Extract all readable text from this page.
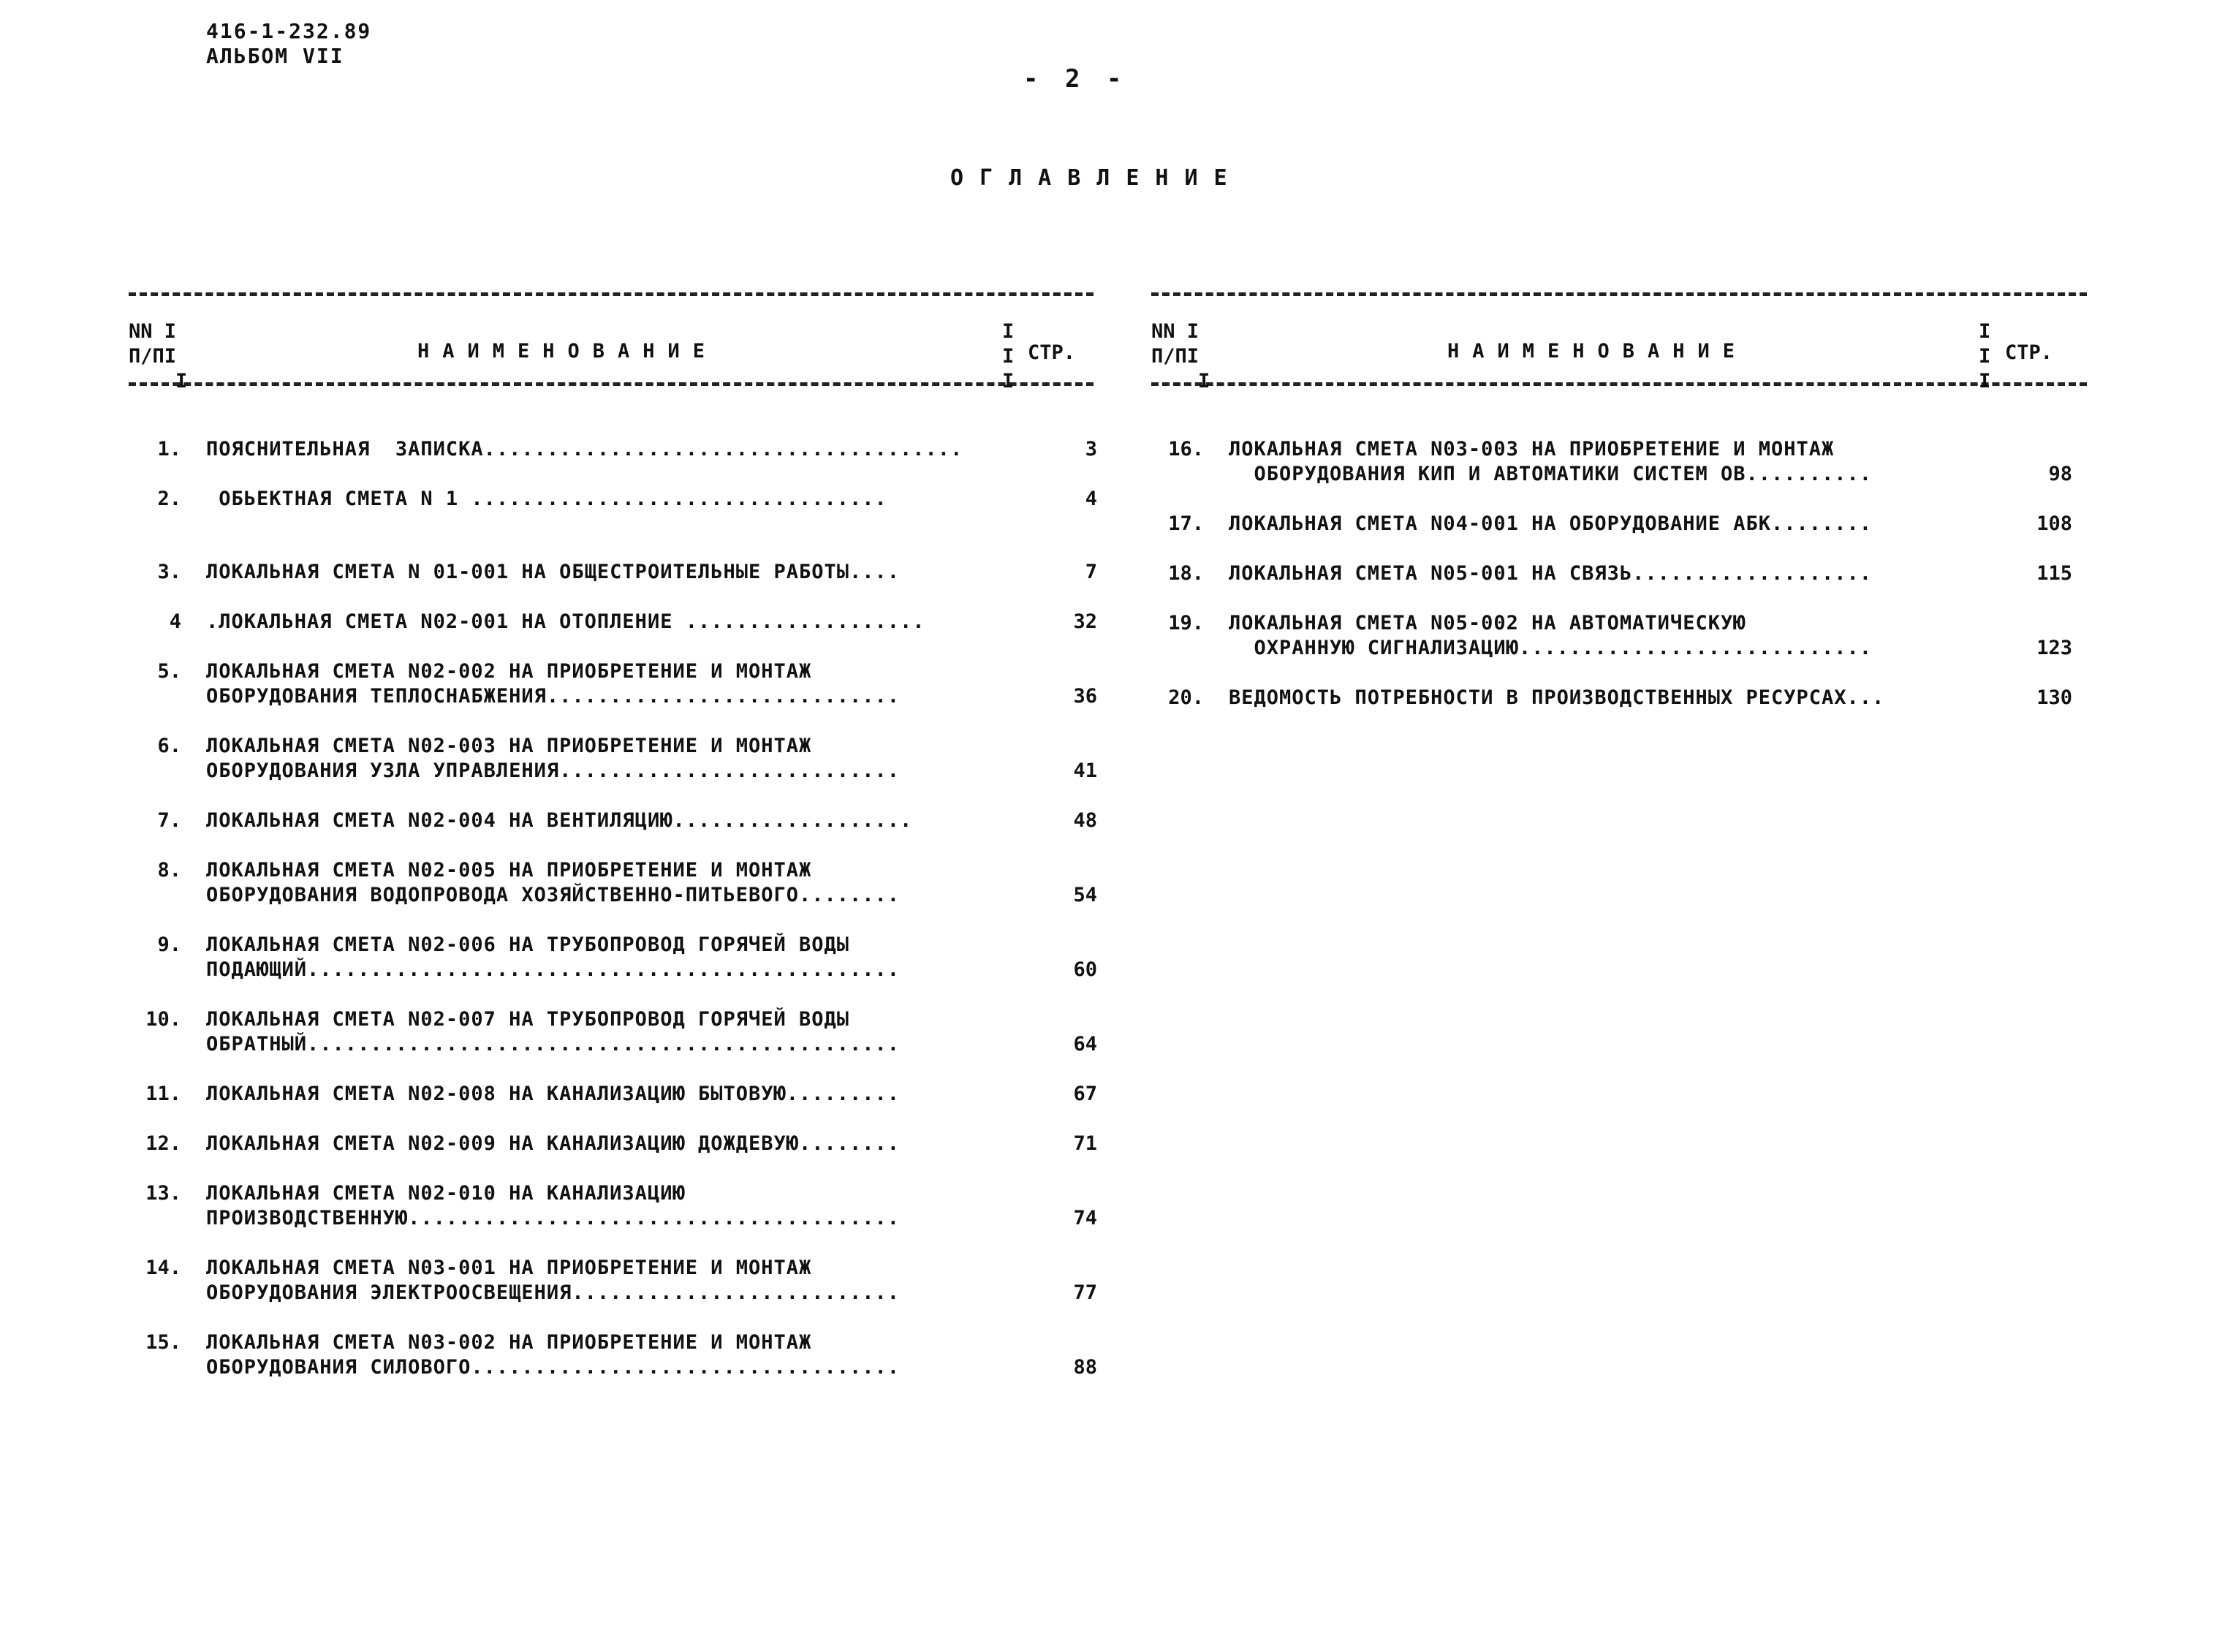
416-1-232.89
АЛЬБОМ VII
- 2 -
ОГЛАВЛЕНИЕ
NN I
П/ПI
I
НАИМЕНОВАНИЕ
I
I
I
СТР.
1. ПОЯСНИТЕЛЬНАЯ  ЗАПИСКА......................................	3
2. ОБЬЕКТНАЯ СМЕТА N 1 .................................	4
3. ЛОКАЛЬНАЯ СМЕТА N 01-001 НА ОБЩЕСТРОИТЕЛЬНЫЕ РАБОТЫ....	7
4 .ЛОКАЛЬНАЯ СМЕТА N02-001 НА ОТОПЛЕНИЕ ...................	32
5. ЛОКАЛЬНАЯ СМЕТА N02-002 НА ПРИОБРЕТЕНИЕ И МОНТАЖ
ОБОРУДОВАНИЯ ТЕПЛОСНАБЖЕНИЯ............................	36
6. ЛОКАЛЬНАЯ СМЕТА N02-003 НА ПРИОБРЕТЕНИЕ И МОНТАЖ
ОБОРУДОВАНИЯ УЗЛА УПРАВЛЕНИЯ...........................	41
7. ЛОКАЛЬНАЯ СМЕТА N02-004 НА ВЕНТИЛЯЦИЮ...................	48
8. ЛОКАЛЬНАЯ СМЕТА N02-005 НА ПРИОБРЕТЕНИЕ И МОНТАЖ
ОБОРУДОВАНИЯ ВОДОПРОВОДА ХОЗЯЙСТВЕННО-ПИТЬЕВОГО........	54
9. ЛОКАЛЬНАЯ СМЕТА N02-006 НА ТРУБОПРОВОД ГОРЯЧЕЙ ВОДЫ
ПОДАЮЩИЙ...............................................	60
10. ЛОКАЛЬНАЯ СМЕТА N02-007 НА ТРУБОПРОВОД ГОРЯЧЕЙ ВОДЫ
ОБРАТНЫЙ...............................................	64
11. ЛОКАЛЬНАЯ СМЕТА N02-008 НА КАНАЛИЗАЦИЮ БЫТОВУЮ.........	67
12. ЛОКАЛЬНАЯ СМЕТА N02-009 НА КАНАЛИЗАЦИЮ ДОЖДЕВУЮ........	71
13. ЛОКАЛЬНАЯ СМЕТА N02-010 НА КАНАЛИЗАЦИЮ
ПРОИЗВОДСТВЕННУЮ.......................................	74
14. ЛОКАЛЬНАЯ СМЕТА N03-001 НА ПРИОБРЕТЕНИЕ И МОНТАЖ
ОБОРУДОВАНИЯ ЭЛЕКТРООСВЕЩЕНИЯ..........................	77
15. ЛОКАЛЬНАЯ СМЕТА N03-002 НА ПРИОБРЕТЕНИЕ И МОНТАЖ
ОБОРУДОВАНИЯ СИЛОВОГО..................................	88
NN I
П/ПI
I
НАИМЕНОВАНИЕ
I
I
I
СТР.
16. ЛОКАЛЬНАЯ СМЕТА N03-003 НА ПРИОБРЕТЕНИЕ И МОНТАЖ
ОБОРУДОВАНИЯ КИП И АВТОМАТИКИ СИСТЕМ ОВ..........	98
17. ЛОКАЛЬНАЯ СМЕТА N04-001 НА ОБОРУДОВАНИЕ АБК........	108
18. ЛОКАЛЬНАЯ СМЕТА N05-001 НА СВЯЗЬ...................	115
19. ЛОКАЛЬНАЯ СМЕТА N05-002 НА АВТОМАТИЧЕСКУЮ
ОХРАННУЮ СИГНАЛИЗАЦИЮ............................	123
20. ВЕДОМОСТЬ ПОТРЕБНОСТИ В ПРОИЗВОДСТВЕННЫХ РЕСУРСАХ...	130
